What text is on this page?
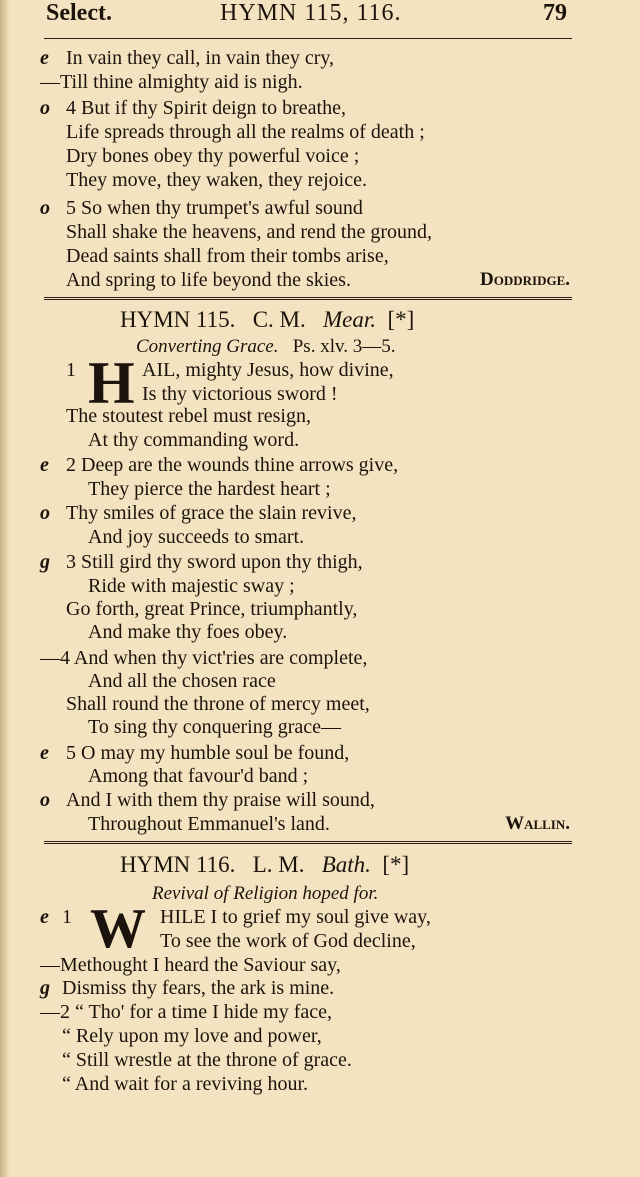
Select.	HYMN 115, 116.	79
e In vain they call, in vain they cry,
—Till thine almighty aid is nigh.
o 4 But if thy Spirit deign to breathe,
Life spreads through all the realms of death ;
Dry bones obey thy powerful voice ;
They move, they waken, they rejoice.
o 5 So when thy trumpet's awful sound
Shall shake the heavens, and rend the ground,
Dead saints shall from their tombs arise,
And spring to life beyond the skies.	Doddridge.
HYMN 115. C. M. Mear. [*]
Converting Grace. Ps. xlv. 3—5.
1	AIL, mighty Jesus, how divine,
H Is thy victorious sword !
The stoutest rebel must resign,
At thy commanding word.
e 2 Deep are the wounds thine arrows give,
They pierce the hardest heart ;
o Thy smiles of grace the slain revive,
And joy succeeds to smart.
g 3 Still gird thy sword upon thy thigh,
Ride with majestic sway ;
Go forth, great Prince, triumphantly,
And make thy foes obey.
—4 And when thy vict'ries are complete,
And all the chosen race
Shall round the throne of mercy meet,
To sing thy conquering grace—
e 5 O may my humble soul be found,
Among that favour'd band ;
o And I with them thy praise will sound,
Throughout Emmanuel's land.	Wallin.
HYMN 116. L. M. Bath. [*]
Revival of Religion hoped for.
e 1	HILE I to grief my soul give way,
W To see the work of God decline,
—Methought I heard the Saviour say,
g Dismiss thy fears, the ark is mine.
—2 “ Tho' for a time I hide my face,
“ Rely upon my love and power,
“ Still wrestle at the throne of grace.
“ And wait for a reviving hour.
